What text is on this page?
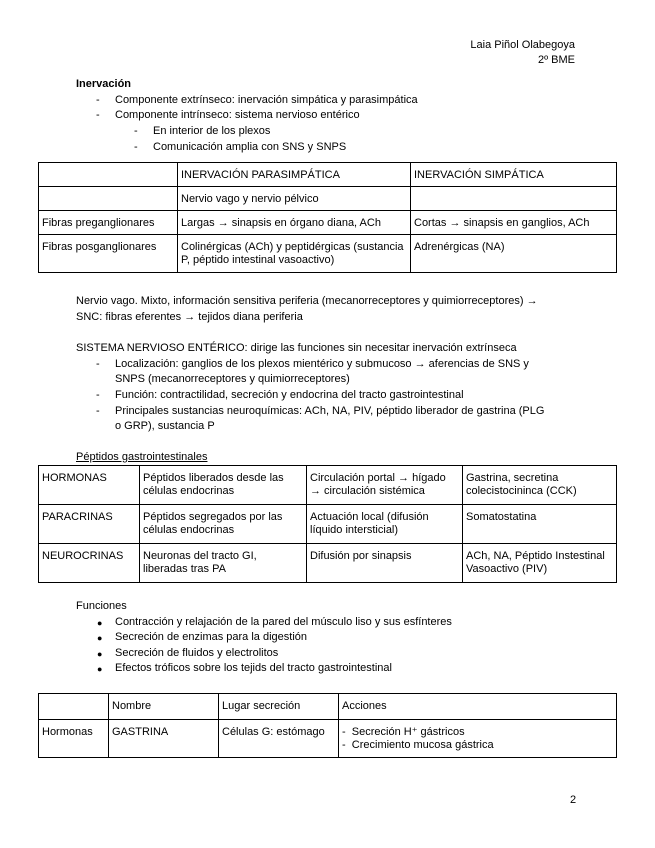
Laia Piñol Olabegoya
2º BME
Inervación
- Componente extrínseco: inervación simpática y parasimpática
- Componente intrínseco: sistema nervioso entérico
- En interior de los plexos
- Comunicación amplia con SNS y SNPS
	INERVACIÓN PARASIMPÁTICA	INERVACIÓN SIMPÁTICA
	Nervio vago y nervio pélvico	
Fibras preganglionares	Largas → sinapsis en órgano diana, ACh	Cortas → sinapsis en ganglios, ACh
Fibras posganglionares	Colinérgicas (ACh) y peptidérgicas (sustancia P, péptido intestinal vasoactivo)	Adrenérgicas (NA)
Nervio vago. Mixto, información sensitiva periferia (mecanorreceptores y quimiorreceptores) →
SNC: fibras eferentes → tejidos diana periferia
SISTEMA NERVIOSO ENTÉRICO: dirige las funciones sin necesitar inervación extrínseca
- Localización: ganglios de los plexos mientérico y submucoso → aferencias de SNS y
SNPS (mecanorreceptores y quimiorreceptores)
- Función: contractilidad, secreción y endocrina del tracto gastrointestinal
- Principales sustancias neuroquímicas: ACh, NA, PIV, péptido liberador de gastrina (PLG
o GRP), sustancia P
Péptidos gastrointestinales
HORMONAS	Péptidos liberados desde las células endocrinas	Circulación portal → hígado → circulación sistémica	Gastrina, secretina colecistocininca (CCK)
PARACRINAS	Péptidos segregados por las células endocrinas	Actuación local (difusión líquido intersticial)	Somatostatina
NEUROCRINAS	Neuronas del tracto GI, liberadas tras PA	Difusión por sinapsis	ACh, NA, Péptido Instestinal Vasoactivo (PIV)
Funciones
● Contracción y relajación de la pared del músculo liso y sus esfínteres
● Secreción de enzimas para la digestión
● Secreción de fluidos y electrolitos
● Efectos tróficos sobre los tejids del tracto gastrointestinal
	Nombre	Lugar secreción	Acciones
Hormonas	GASTRINA	Células G: estómago	-  Secreción H⁺ gástricos
-  Crecimiento mucosa gástrica
2
